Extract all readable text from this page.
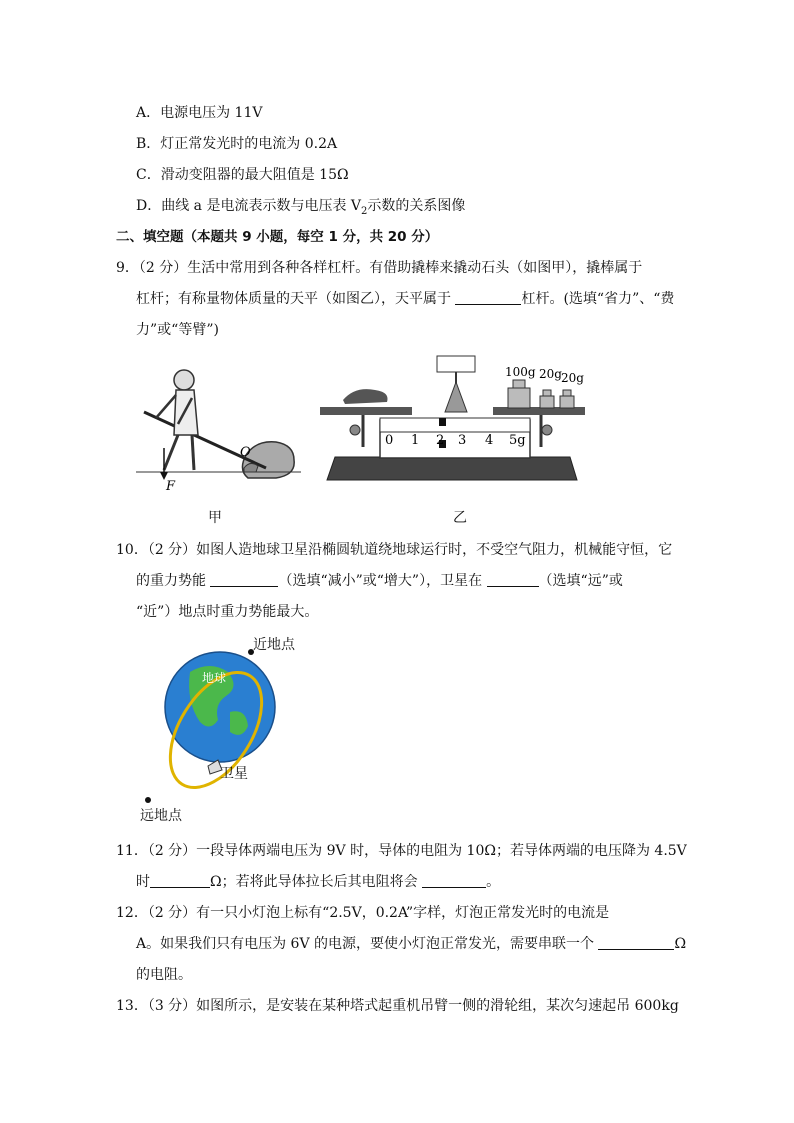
A．电源电压为 11V
B．灯正常发光时的电流为 0.2A
C．滑动变阻器的最大阻值是 15Ω
D．曲线 a 是电流表示数与电压表 $V_2$示数的关系图像
二、填空题（本题共 9 小题，每空 1 分，共 20 分）
9．（2 分）生活中常用到各种各样杠杆。有借助撬棒来撬动石头（如图甲），撬棒属于
杠杆；有称量物体质量的天平（如图乙），天平属于	杠杆。(选填“省力”、“费
力”或“等臂”)
F
O
甲
100g 20g 20g
0 1 2 3 4 5g
乙
10．（2 分）如图人造地球卫星沿椭圆轨道绕地球运行时，不受空气阻力，机械能守恒，它
的重力势能	（选填“减小”或“增大”），卫星在	（选填“远”或
“近”）地点时重力势能最大。
地球
近地点
卫星
远地点
11．（2 分）一段导体两端电压为 9V 时，导体的电阻为 10Ω；若导体两端的电压降为 4.5V
时	Ω；若将此导体拉长后其电阻将会	。
12．（2 分）有一只小灯泡上标有“2.5V，0.2A”字样，灯泡正常发光时的电流是
A。如果我们只有电压为 6V 的电源，要使小灯泡正常发光，需要串联一个	Ω
的电阻。
13．（3 分）如图所示，是安装在某种塔式起重机吊臂一侧的滑轮组，某次匀速起吊 600kg
